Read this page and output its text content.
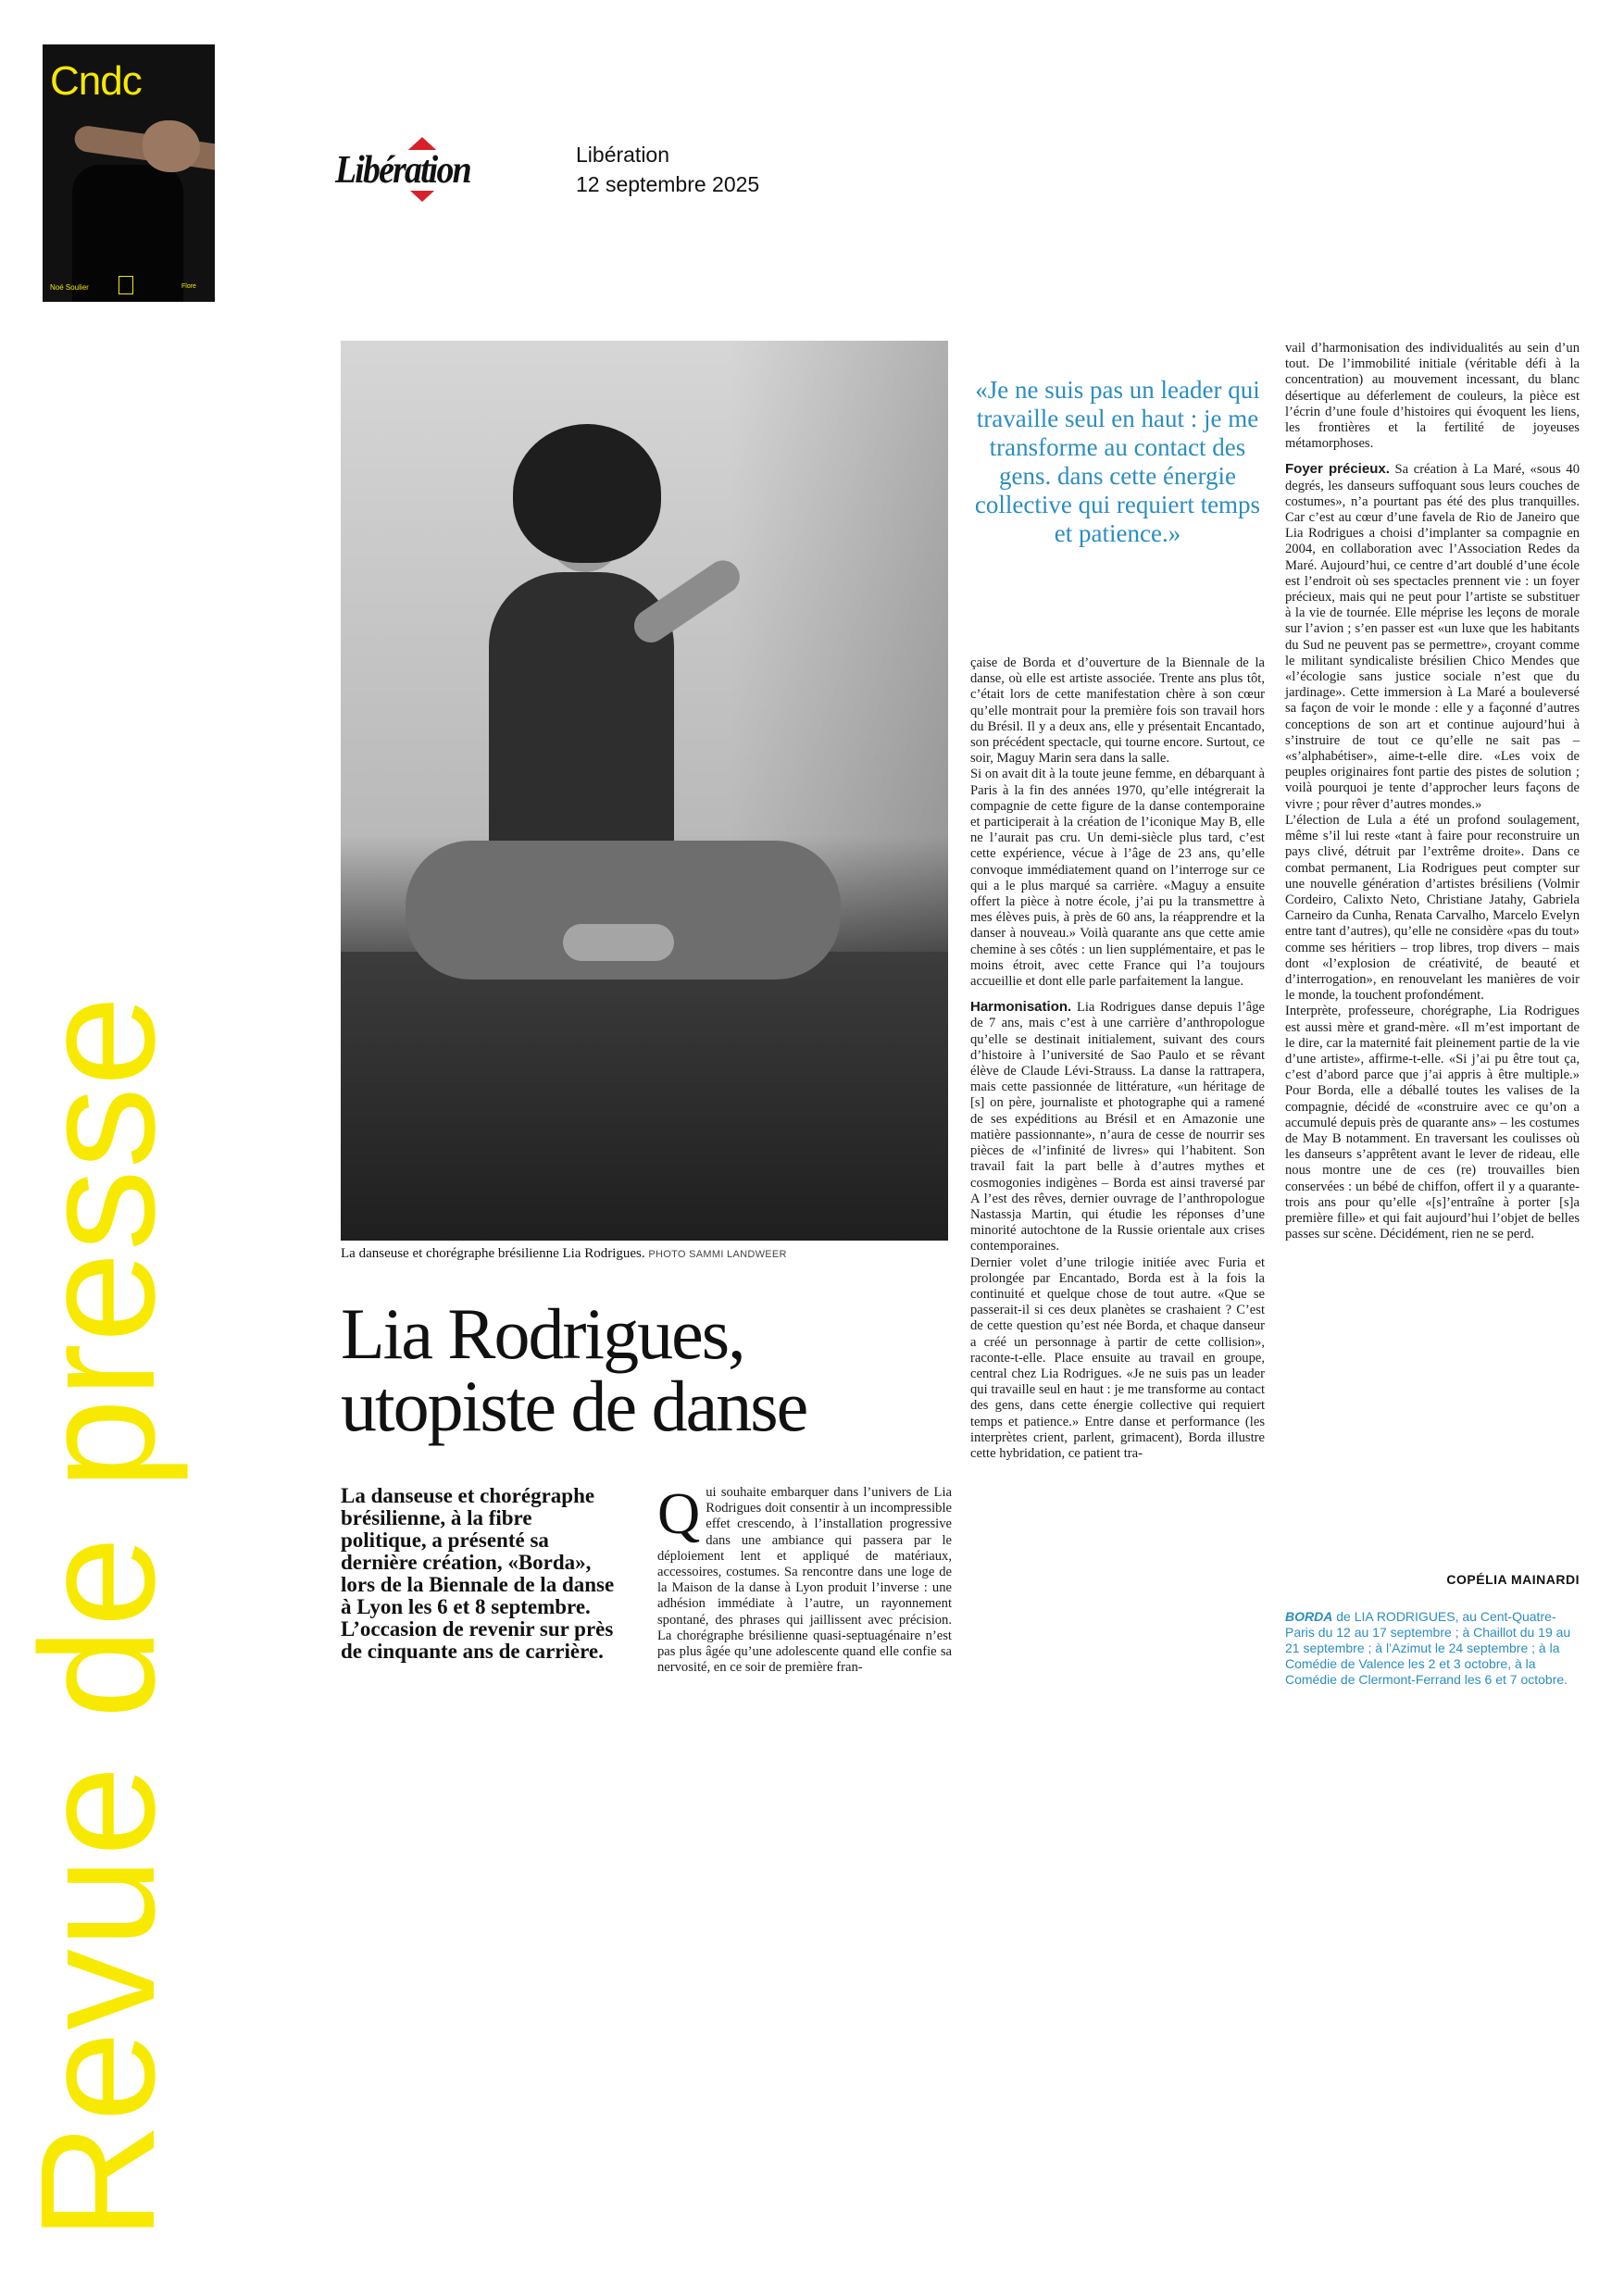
Cndc
Noé Soulier	Flore
Libération	Libération
12 septembre 2025
Revue de presse	La danseuse et chorégraphe brésilienne Lia Rodrigues. PHOTO SAMMI LANDWEER
Lia Rodrigues,
utopiste de danse
La danseuse et chorégraphe brésilienne, à la fibre politique, a présenté sa dernière création, «Borda», lors de la Biennale de la danse à Lyon les 6 et 8 septembre. L’occasion de revenir sur près de cinquante ans de carrière.
Q ui souhaite embarquer dans l’univers de Lia Rodrigues doit consentir à un incompressible effet crescendo, à l’installation progressive dans une ambiance qui passera par le déploiement lent et appliqué de matériaux, accessoires, costumes. Sa rencontre dans une loge de la Maison de la danse à Lyon produit l’inverse : une adhésion immédiate à l’autre, un rayonnement spontané, des phrases qui jaillissent avec précision. La chorégraphe brésilienne quasi-septuagénaire n’est pas plus âgée qu’une adolescente quand elle confie sa nervosité, en ce soir de première fran-
«Je ne suis pas un leader qui travaille seul en haut : je me transforme au contact des gens. dans cette énergie collective qui requiert temps et patience.»

çaise de Borda et d’ouverture de la Biennale de la danse, où elle est artiste associée. Trente ans plus tôt, c’était lors de cette manifestation chère à son cœur qu’elle montrait pour la première fois son travail hors du Brésil. Il y a deux ans, elle y présentait Encantado, son précédent spectacle, qui tourne encore. Surtout, ce soir, Maguy Marin sera dans la salle.

Si on avait dit à la toute jeune femme, en débarquant à Paris à la fin des années 1970, qu’elle intégrerait la compagnie de cette figure de la danse contemporaine et participerait à la création de l’iconique May B, elle ne l’aurait pas cru. Un demi-siècle plus tard, c’est cette expérience, vécue à l’âge de 23 ans, qu’elle convoque immédiatement quand on l’interroge sur ce qui a le plus marqué sa carrière. «Maguy a ensuite offert la pièce à notre école, j’ai pu la transmettre à mes élèves puis, à près de 60 ans, la réapprendre et la danser à nouveau.» Voilà quarante ans que cette amie chemine à ses côtés : un lien supplémentaire, et pas le moins étroit, avec cette France qui l’a toujours accueillie et dont elle parle parfaitement la langue.

Harmonisation. Lia Rodrigues danse depuis l’âge de 7 ans, mais c’est à une carrière d’anthropologue qu’elle se destinait initialement, suivant des cours d’histoire à l’université de Sao Paulo et se rêvant élève de Claude Lévi-Strauss. La danse la rattrapera, mais cette passionnée de littérature, «un héritage de [s] on père, journaliste et photographe qui a ramené de ses expéditions au Brésil et en Amazonie une matière passionnante», n’aura de cesse de nourrir ses pièces de «l’infinité de livres» qui l’habitent. Son travail fait la part belle à d’autres mythes et cosmogonies indigènes – Borda est ainsi traversé par A l’est des rêves, dernier ouvrage de l’anthropologue Nastassja Martin, qui étudie les réponses d’une minorité autochtone de la Russie orientale aux crises contemporaines.

Dernier volet d’une trilogie initiée avec Furia et prolongée par Encantado, Borda est à la fois la continuité et quelque chose de tout autre. «Que se passerait-il si ces deux planètes se crashaient ? C’est de cette question qu’est née Borda, et chaque danseur a créé un personnage à partir de cette collision», raconte-t-elle. Place ensuite au travail en groupe, central chez Lia Rodrigues. «Je ne suis pas un leader qui travaille seul en haut : je me transforme au contact des gens, dans cette énergie collective qui requiert temps et patience.» Entre danse et performance (les interprètes crient, parlent, grimacent), Borda illustre cette hybridation, ce patient tra-

vail d’harmonisation des individualités au sein d’un tout. De l’immobilité initiale (véritable défi à la concentration) au mouvement incessant, du blanc désertique au déferlement de couleurs, la pièce est l’écrin d’une foule d’histoires qui évoquent les liens, les frontières et la fertilité de joyeuses métamorphoses.

Foyer précieux. Sa création à La Maré, «sous 40 degrés, les danseurs suffoquant sous leurs couches de costumes», n’a pourtant pas été des plus tranquilles. Car c’est au cœur d’une favela de Rio de Janeiro que Lia Rodrigues a choisi d’implanter sa compagnie en 2004, en collaboration avec l’Association Redes da Maré. Aujourd’hui, ce centre d’art doublé d’une école est l’endroit où ses spectacles prennent vie : un foyer précieux, mais qui ne peut pour l’artiste se substituer à la vie de tournée. Elle méprise les leçons de morale sur l’avion ; s’en passer est «un luxe que les habitants du Sud ne peuvent pas se permettre», croyant comme le militant syndicaliste brésilien Chico Mendes que «l’écologie sans justice sociale n’est que du jardinage». Cette immersion à La Maré a bouleversé sa façon de voir le monde : elle y a façonné d’autres conceptions de son art et continue aujourd’hui à s’instruire de tout ce qu’elle ne sait pas – «s’alphabétiser», aime-t-elle dire. «Les voix de peuples originaires font partie des pistes de solution ; voilà pourquoi je tente d’approcher leurs façons de vivre ; pour rêver d’autres mondes.»

L’élection de Lula a été un profond soulagement, même s’il lui reste «tant à faire pour reconstruire un pays clivé, détruit par l’extrême droite». Dans ce combat permanent, Lia Rodrigues peut compter sur une nouvelle génération d’artistes brésiliens (Volmir Cordeiro, Calixto Neto, Christiane Jatahy, Gabriela Carneiro da Cunha, Renata Carvalho, Marcelo Evelyn entre tant d’autres), qu’elle ne considère «pas du tout» comme ses héritiers – trop libres, trop divers – mais dont «l’explosion de créativité, de beauté et d’interrogation», en renouvelant les manières de voir le monde, la touchent profondément.

Interprète, professeure, chorégraphe, Lia Rodrigues est aussi mère et grand-mère. «Il m’est important de le dire, car la maternité fait pleinement partie de la vie d’une artiste», affirme-t-elle. «Si j’ai pu être tout ça, c’est d’abord parce que j’ai appris à être multiple.» Pour Borda, elle a déballé toutes les valises de la compagnie, décidé de «construire avec ce qu’on a accumulé depuis près de quarante ans» – les costumes de May B notamment. En traversant les coulisses où les danseurs s’apprêtent avant le lever de rideau, elle nous montre une de ces (re) trouvailles bien conservées : un bébé de chiffon, offert il y a quarante-trois ans pour qu’elle «[s]’entraîne à porter [s]a première fille» et qui fait aujourd’hui l’objet de belles passes sur scène. Décidément, rien ne se perd.

COPÉLIA MAINARDI
BORDA de LIA RODRIGUES, au Cent-Quatre-Paris du 12 au 17 septembre ; à Chaillot du 19 au 21 septembre ; à l’Azimut le 24 septembre ; à la Comédie de Valence les 2 et 3 octobre, à la Comédie de Clermont-Ferrand les 6 et 7 octobre.
